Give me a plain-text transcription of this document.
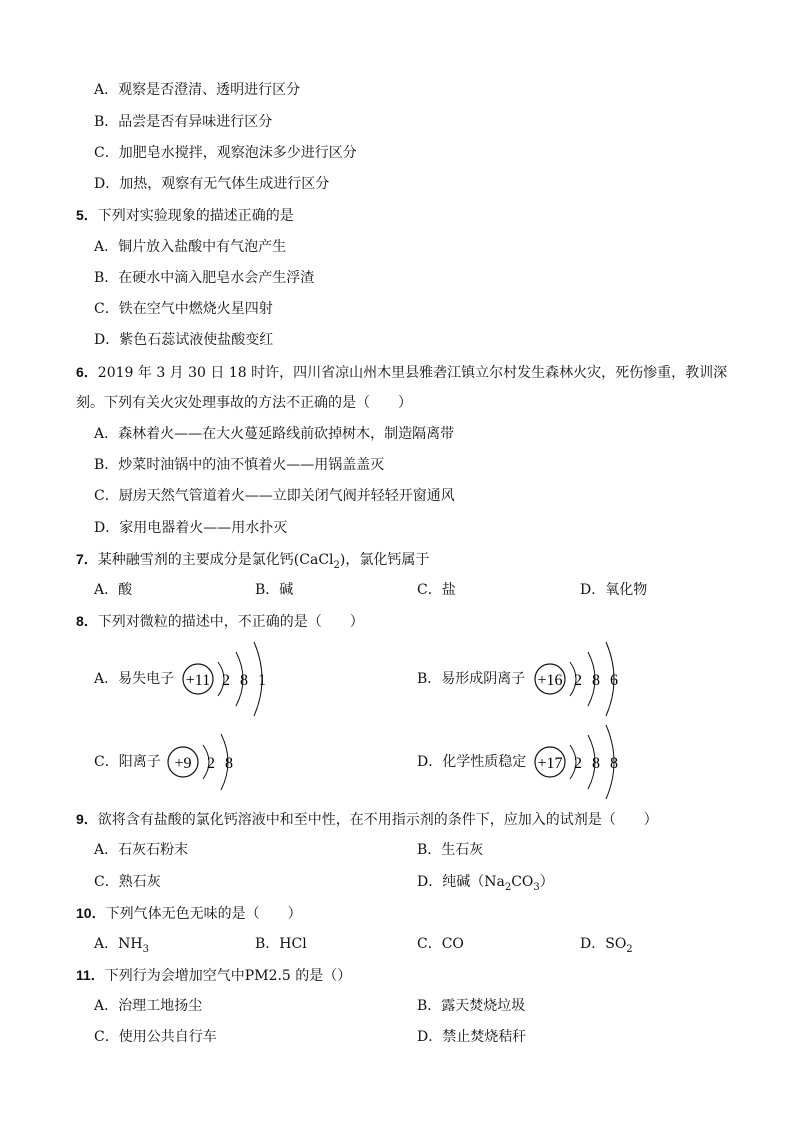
A．观察是否澄清、透明进行区分
B．品尝是否有异味进行区分
C．加肥皂水搅拌，观察泡沫多少进行区分
D．加热，观察有无气体生成进行区分
5．下列对实验现象的描述正确的是
A．铜片放入盐酸中有气泡产生
B．在硬水中滴入肥皂水会产生浮渣
C．铁在空气中燃烧火星四射
D．紫色石蕊试液使盐酸变红
6．2019 年 3 月 30 日 18 时许，四川省凉山州木里县雅砻江镇立尔村发生森林火灾，死伤惨重，教训深
刻。下列有关火灾处理事故的方法不正确的是（　　）
A．森林着火——在大火蔓延路线前砍掉树木，制造隔离带
B．炒菜时油锅中的油不慎着火——用锅盖盖灭
C．厨房天然气管道着火——立即关闭气阀并轻轻开窗通风
D．家用电器着火——用水扑灭
7．某种融雪剂的主要成分是氯化钙(CaCl$_2$)，氯化钙属于
A．酸	B．碱	C．盐	D．氧化物
8．下列对微粒的描述中，不正确的是（　　）
A．易失电子 +11 2 8 1	B．易形成阴离子 +16 2 8 6
C．阳离子 +9 2 8	D．化学性质稳定 +17 2 8 8
9．欲将含有盐酸的氯化钙溶液中和至中性，在不用指示剂的条件下，应加入的试剂是（　　）
A．石灰石粉末	B．生石灰
C．熟石灰	D．纯碱$(Na_2CO_3)$
10．下列气体无色无味的是（　　）
A．$NH_3$	B．HCl	C．CO	D．$SO_2$
11．下列行为会增加空气中PM2.5 的是（）
A．治理工地扬尘	B．露天焚烧垃圾
C．使用公共自行车	D．禁止焚烧秸秆
